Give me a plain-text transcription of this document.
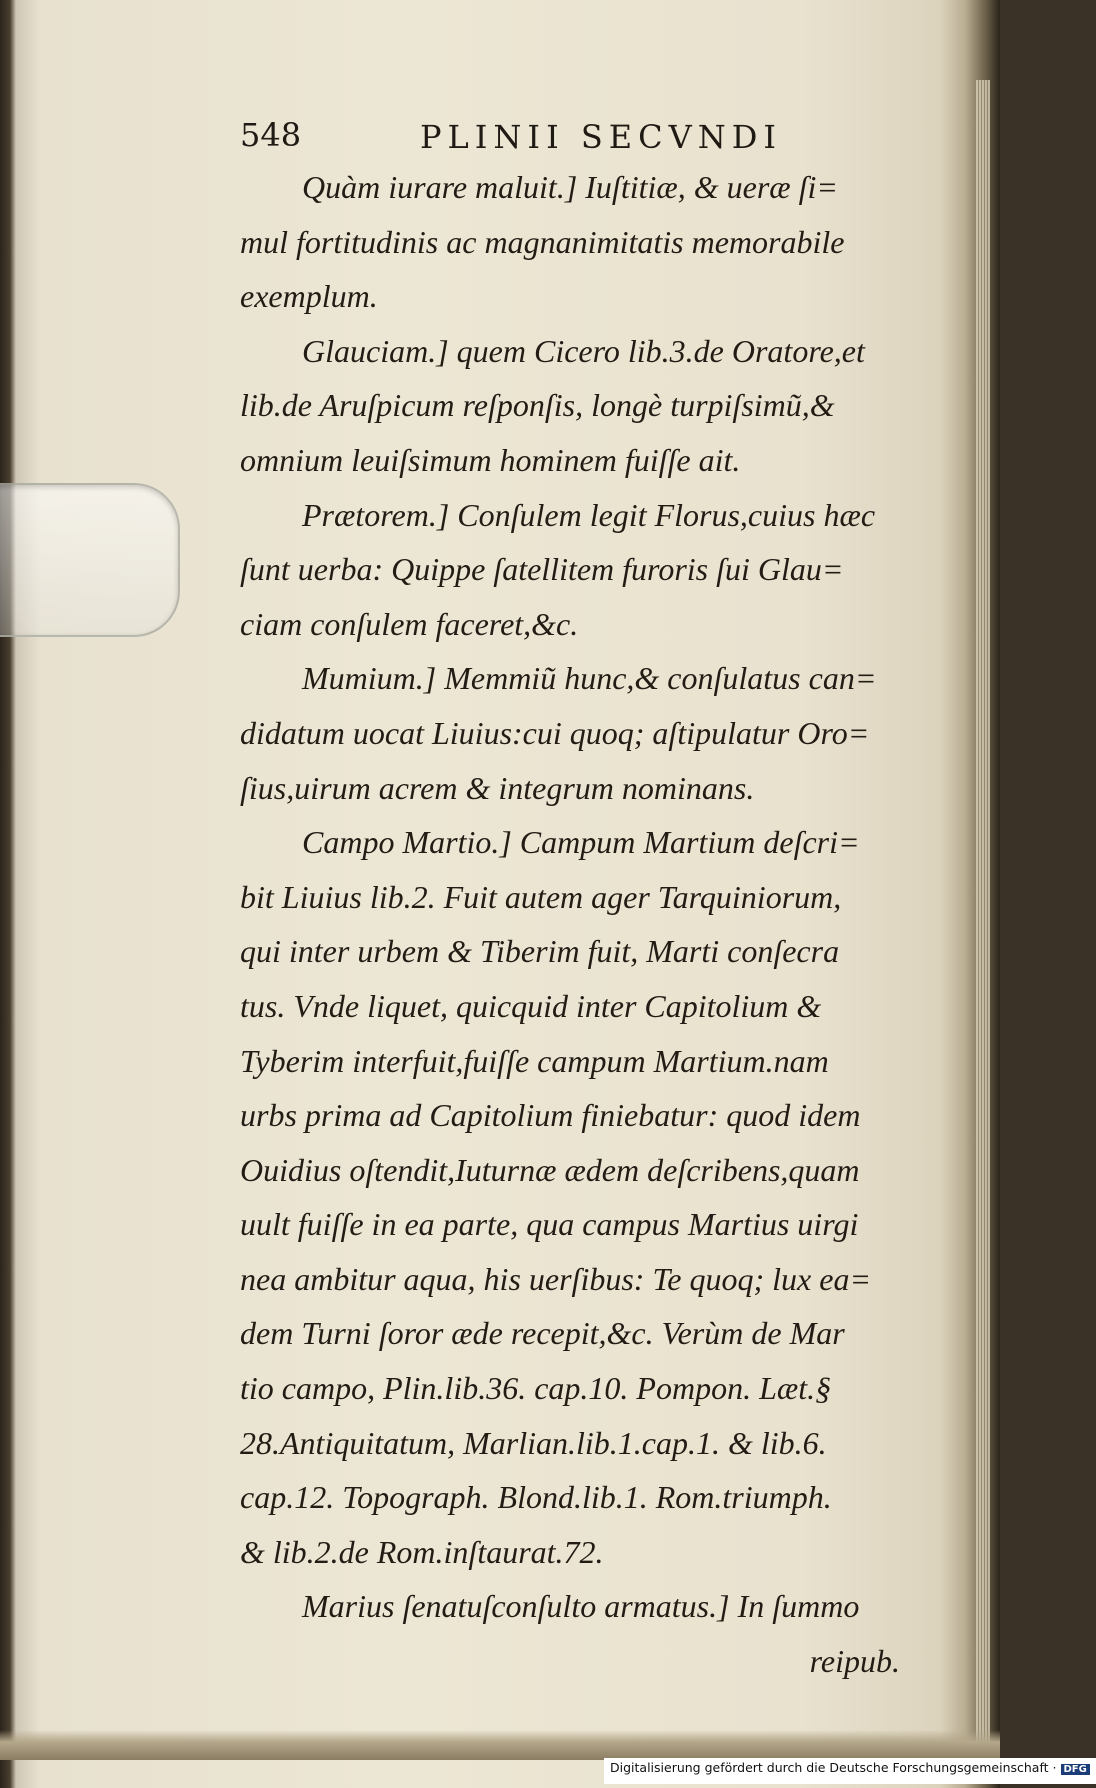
548	PLINII SECVNDI
Quàm iurare maluit.] Iuſtitiæ, & ueræ ſi=
mul fortitudinis ac magnanimitatis memorabile
exemplum.
Glauciam.] quem Cicero lib.3.de Oratore,et
lib.de Aruſpicum reſponſis, longè turpiſsimũ,&
omnium leuiſsimum hominem fuiſſe ait.
Prætorem.] Conſulem legit Florus,cuius hæc
ſunt uerba: Quippe ſatellitem furoris ſui Glau=
ciam conſulem faceret,&c.
Mumium.] Memmiũ hunc,& conſulatus can=
didatum uocat Liuius:cui quoq; aſtipulatur Oro=
ſius,uirum acrem & integrum nominans.
Campo Martio.] Campum Martium deſcri=
bit Liuius lib.2. Fuit autem ager Tarquiniorum,
qui inter urbem & Tiberim fuit, Marti conſecra
tus. Vnde liquet, quicquid inter Capitolium &
Tyberim interfuit,fuiſſe campum Martium.nam
urbs prima ad Capitolium finiebatur: quod idem
Ouidius oſtendit,Iuturnæ ædem deſcribens,quam
uult fuiſſe in ea parte, qua campus Martius uirgi
nea ambitur aqua, his uerſibus: Te quoq; lux ea=
dem Turni ſoror æde recepit,&c. Verùm de Mar
tio campo, Plin.lib.36. cap.10. Pompon. Læt.§
28.Antiquitatum, Marlian.lib.1.cap.1. & lib.6.
cap.12. Topograph. Blond.lib.1. Rom.triumph.
& lib.2.de Rom.inſtaurat.72.
Marius ſenatuſconſulto armatus.] In ſummo
reipub.
Digitalisierung gefördert durch die Deutsche Forschungsgemeinschaft · DFG
